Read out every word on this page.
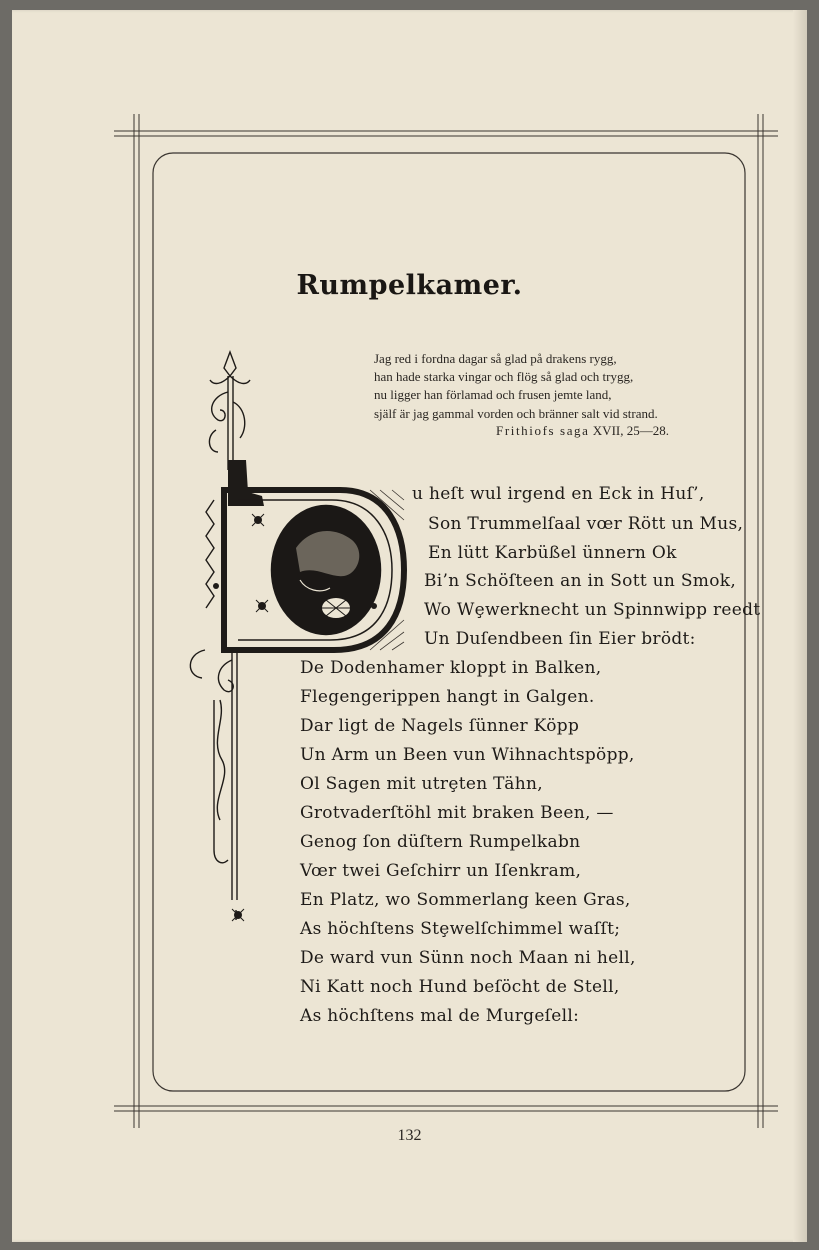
Rumpelkamer.
Jag red i fordna dagar så glad på drakens rygg,
han hade starka vingar och flög så glad och trygg,
nu ligger han förlamad och frusen jemte land,
själf är jag gammal vorden och bränner salt vid strand.
Frithiofs saga XVII, 25—28.
u heſt wul irgend en Eck in Huſ’,
Son Trummelſaal vœr Rött un Mus,
En lütt Karbüßel ünnern Ok
Bi’n Schöſteen an in Sott un Smok,
Wo Wȩwerknecht un Spinnwipp reedt
Un Duſendbeen ſin Eier brödt:
De Dodenhamer kloppt in Balken,
Flegengerippen hangt in Galgen.
Dar ligt de Nagels ſünner Köpp
Un Arm un Been vun Wihnachtspöpp,
Ol Sagen mit utrȩten Tähn,
Grotvaderſtöhl mit braken Been, —
Genog ſon düſtern Rumpelkabn
Vœr twei Geſchirr un Iſenkram,
En Platz, wo Sommerlang keen Gras,
As höchſtens Stȩwelſchimmel waſſt;
De ward vun Sünn noch Maan ni hell,
Ni Katt noch Hund beſöcht de Stell,
As höchſtens mal de Murgeſell:
132
